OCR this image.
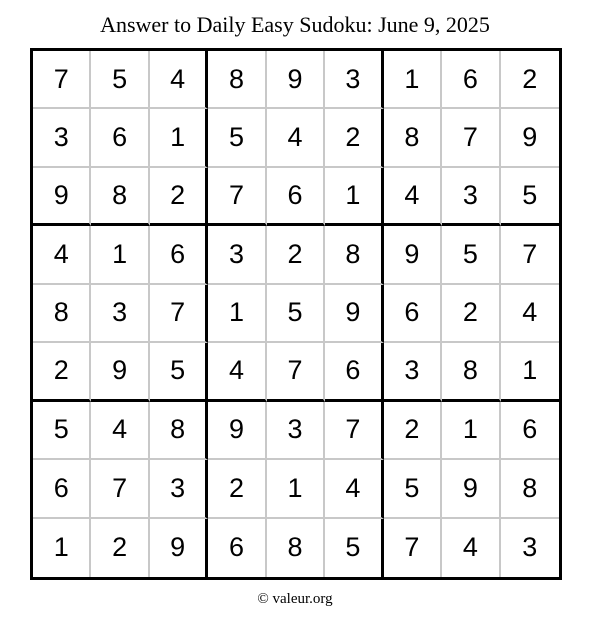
Answer to Daily Easy Sudoku: June 9, 2025
7	5	4	8	9	3	1	6	2
3	6	1	5	4	2	8	7	9
9	8	2	7	6	1	4	3	5
4	1	6	3	2	8	9	5	7
8	3	7	1	5	9	6	2	4
2	9	5	4	7	6	3	8	1
5	4	8	9	3	7	2	1	6
6	7	3	2	1	4	5	9	8
1	2	9	6	8	5	7	4	3
© valeur.org
